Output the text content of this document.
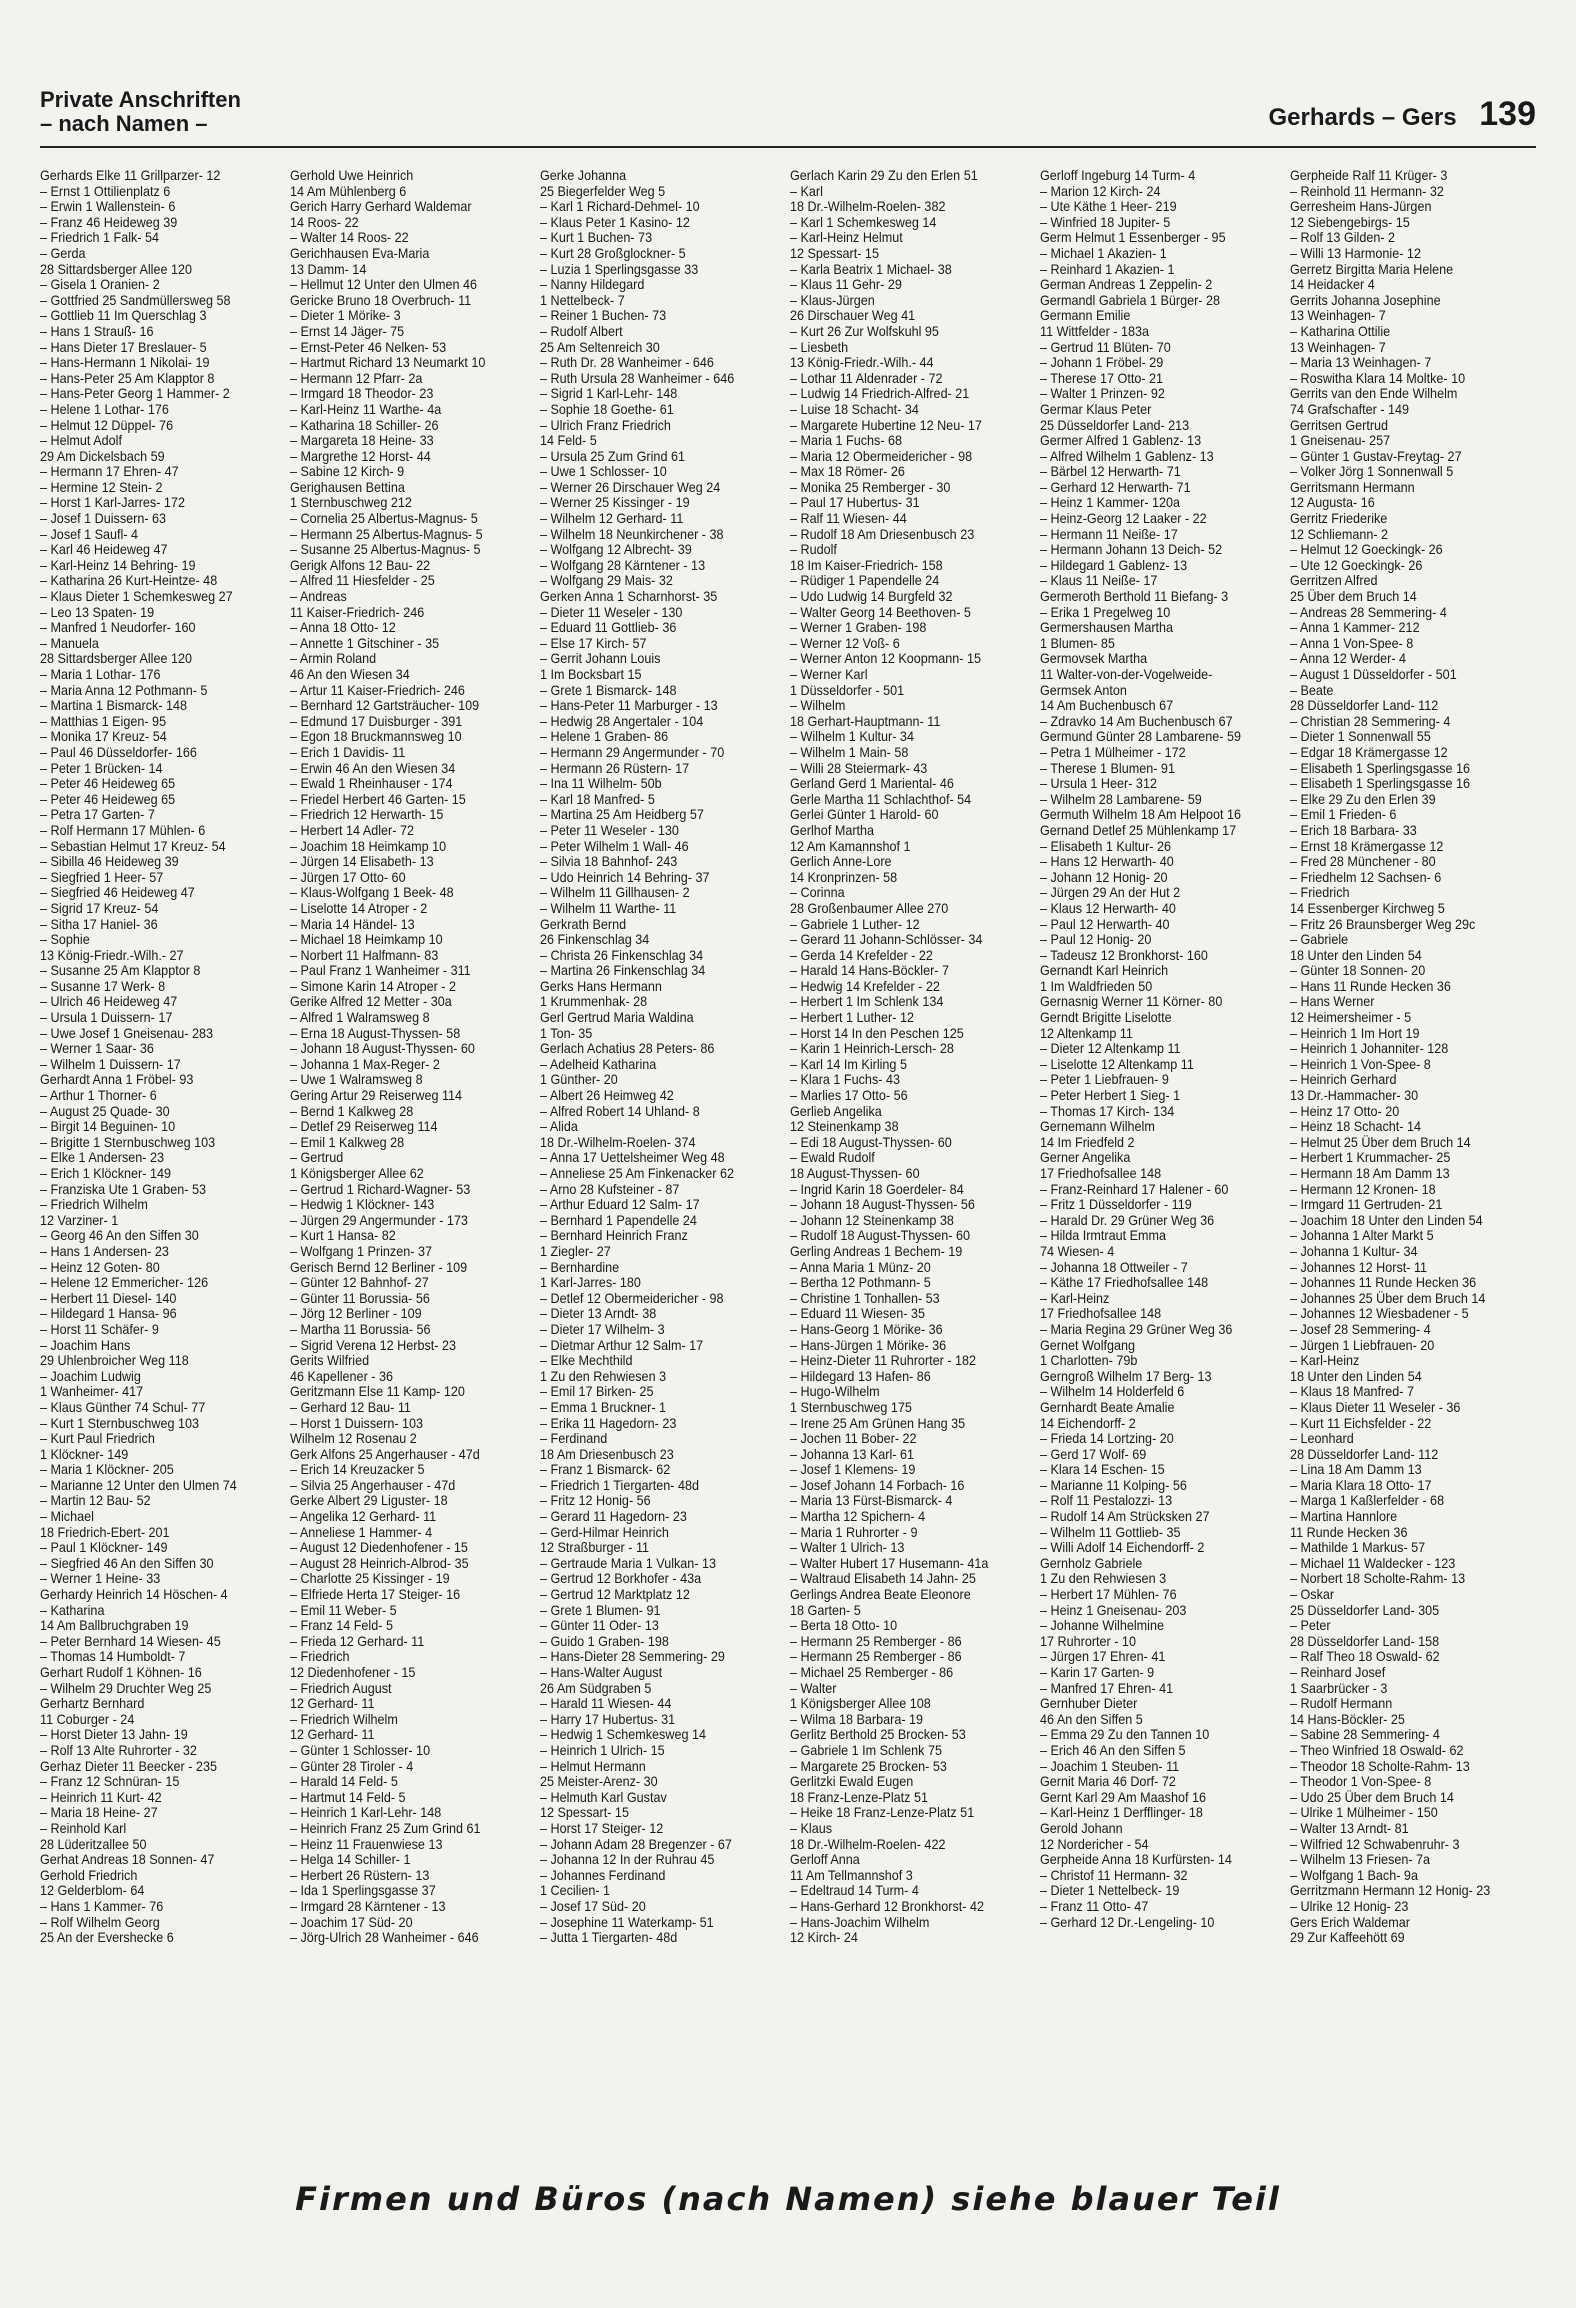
Private Anschriften
– nach Namen –	Gerhards – Gers 139
Gerhards Elke 11 Grillparzer- 12
– Ernst 1 Ottilienplatz 6
– Erwin 1 Wallenstein- 6
– Franz 46 Heideweg 39
– Friedrich 1 Falk- 54
– Gerda
28 Sittardsberger Allee 120
– Gisela 1 Oranien- 2
– Gottfried 25 Sandmüllersweg 58
– Gottlieb 11 Im Querschlag 3
– Hans 1 Strauß- 16
– Hans Dieter 17 Breslauer- 5
– Hans-Hermann 1 Nikolai- 19
– Hans-Peter 25 Am Klapptor 8
– Hans-Peter Georg 1 Hammer- 2
– Helene 1 Lothar- 176
– Helmut 12 Düppel- 76
– Helmut Adolf
29 Am Dickelsbach 59
– Hermann 17 Ehren- 47
– Hermine 12 Stein- 2
– Horst 1 Karl-Jarres- 172
– Josef 1 Duissern- 63
– Josef 1 Saufl- 4
– Karl 46 Heideweg 47
– Karl-Heinz 14 Behring- 19
– Katharina 26 Kurt-Heintze- 48
– Klaus Dieter 1 Schemkesweg 27
– Leo 13 Spaten- 19
– Manfred 1 Neudorfer- 160
– Manuela
28 Sittardsberger Allee 120
– Maria 1 Lothar- 176
– Maria Anna 12 Pothmann- 5
– Martina 1 Bismarck- 148
– Matthias 1 Eigen- 95
– Monika 17 Kreuz- 54
– Paul 46 Düsseldorfer- 166
– Peter 1 Brücken- 14
– Peter 46 Heideweg 65
– Peter 46 Heideweg 65
– Petra 17 Garten- 7
– Rolf Hermann 17 Mühlen- 6
– Sebastian Helmut 17 Kreuz- 54
– Sibilla 46 Heideweg 39
– Siegfried 1 Heer- 57
– Siegfried 46 Heideweg 47
– Sigrid 17 Kreuz- 54
– Sitha 17 Haniel- 36
– Sophie
13 König-Friedr.-Wilh.- 27
– Susanne 25 Am Klapptor 8
– Susanne 17 Werk- 8
– Ulrich 46 Heideweg 47
– Ursula 1 Duissern- 17
– Uwe Josef 1 Gneisenau- 283
– Werner 1 Saar- 36
– Wilhelm 1 Duissern- 17
Gerhardt Anna 1 Fröbel- 93
– Arthur 1 Thorner- 6
– August 25 Quade- 30
– Birgit 14 Beguinen- 10
– Brigitte 1 Sternbuschweg 103
– Elke 1 Andersen- 23
– Erich 1 Klöckner- 149
– Franziska Ute 1 Graben- 53
– Friedrich Wilhelm
12 Varziner- 1
– Georg 46 An den Siffen 30
– Hans 1 Andersen- 23
– Heinz 12 Goten- 80
– Helene 12 Emmericher- 126
– Herbert 11 Diesel- 140
– Hildegard 1 Hansa- 96
– Horst 11 Schäfer- 9
– Joachim Hans
29 Uhlenbroicher Weg 118
– Joachim Ludwig
1 Wanheimer- 417
– Klaus Günther 74 Schul- 77
– Kurt 1 Sternbuschweg 103
– Kurt Paul Friedrich
1 Klöckner- 149
– Maria 1 Klöckner- 205
– Marianne 12 Unter den Ulmen 74
– Martin 12 Bau- 52
– Michael
18 Friedrich-Ebert- 201
– Paul 1 Klöckner- 149
– Siegfried 46 An den Siffen 30
– Werner 1 Heine- 33
Gerhardy Heinrich 14 Höschen- 4
– Katharina
14 Am Ballbruchgraben 19
– Peter Bernhard 14 Wiesen- 45
– Thomas 14 Humboldt- 7
Gerhart Rudolf 1 Köhnen- 16
– Wilhelm 29 Druchter Weg 25
Gerhartz Bernhard
11 Coburger - 24
– Horst Dieter 13 Jahn- 19
– Rolf 13 Alte Ruhrorter - 32
Gerhaz Dieter 11 Beecker - 235
– Franz 12 Schnüran- 15
– Heinrich 11 Kurt- 42
– Maria 18 Heine- 27
– Reinhold Karl
28 Lüderitzallee 50
Gerhat Andreas 18 Sonnen- 47
Gerhold Friedrich
12 Gelderblom- 64
– Hans 1 Kammer- 76
– Rolf Wilhelm Georg
25 An der Evershecke 6
Gerhold Uwe Heinrich
14 Am Mühlenberg 6
Gerich Harry Gerhard Waldemar
14 Roos- 22
– Walter 14 Roos- 22
Gerichhausen Eva-Maria
13 Damm- 14
– Hellmut 12 Unter den Ulmen 46
Gericke Bruno 18 Overbruch- 11
– Dieter 1 Mörike- 3
– Ernst 14 Jäger- 75
– Ernst-Peter 46 Nelken- 53
– Hartmut Richard 13 Neumarkt 10
– Hermann 12 Pfarr- 2a
– Irmgard 18 Theodor- 23
– Karl-Heinz 11 Warthe- 4a
– Katharina 18 Schiller- 26
– Margareta 18 Heine- 33
– Margrethe 12 Horst- 44
– Sabine 12 Kirch- 9
Gerighausen Bettina
1 Sternbuschweg 212
– Cornelia 25 Albertus-Magnus- 5
– Hermann 25 Albertus-Magnus- 5
– Susanne 25 Albertus-Magnus- 5
Gerigk Alfons 12 Bau- 22
– Alfred 11 Hiesfelder - 25
– Andreas
11 Kaiser-Friedrich- 246
– Anna 18 Otto- 12
– Annette 1 Gitschiner - 35
– Armin Roland
46 An den Wiesen 34
– Artur 11 Kaiser-Friedrich- 246
– Bernhard 12 Gartsträucher- 109
– Edmund 17 Duisburger - 391
– Egon 18 Bruckmannsweg 10
– Erich 1 Davidis- 11
– Erwin 46 An den Wiesen 34
– Ewald 1 Rheinhauser - 174
– Friedel Herbert 46 Garten- 15
– Friedrich 12 Herwarth- 15
– Herbert 14 Adler- 72
– Joachim 18 Heimkamp 10
– Jürgen 14 Elisabeth- 13
– Jürgen 17 Otto- 60
– Klaus-Wolfgang 1 Beek- 48
– Liselotte 14 Atroper - 2
– Maria 14 Händel- 13
– Michael 18 Heimkamp 10
– Norbert 11 Halfmann- 83
– Paul Franz 1 Wanheimer - 311
– Simone Karin 14 Atroper - 2
Gerike Alfred 12 Metter - 30a
– Alfred 1 Walramsweg 8
– Erna 18 August-Thyssen- 58
– Johann 18 August-Thyssen- 60
– Johanna 1 Max-Reger- 2
– Uwe 1 Walramsweg 8
Gering Artur 29 Reiserweg 114
– Bernd 1 Kalkweg 28
– Detlef 29 Reiserweg 114
– Emil 1 Kalkweg 28
– Gertrud
1 Königsberger Allee 62
– Gertrud 1 Richard-Wagner- 53
– Hedwig 1 Klöckner- 143
– Jürgen 29 Angermunder - 173
– Kurt 1 Hansa- 82
– Wolfgang 1 Prinzen- 37
Gerisch Bernd 12 Berliner - 109
– Günter 12 Bahnhof- 27
– Günter 11 Borussia- 56
– Jörg 12 Berliner - 109
– Martha 11 Borussia- 56
– Sigrid Verena 12 Herbst- 23
Gerits Wilfried
46 Kapellener - 36
Geritzmann Else 11 Kamp- 120
– Gerhard 12 Bau- 11
– Horst 1 Duissern- 103
Wilhelm 12 Rosenau 2
Gerk Alfons 25 Angerhauser - 47d
– Erich 14 Kreuzacker 5
– Silvia 25 Angerhauser - 47d
Gerke Albert 29 Liguster- 18
– Angelika 12 Gerhard- 11
– Anneliese 1 Hammer- 4
– August 12 Diedenhofener - 15
– August 28 Heinrich-Albrod- 35
– Charlotte 25 Kissinger - 19
– Elfriede Herta 17 Steiger- 16
– Emil 11 Weber- 5
– Franz 14 Feld- 5
– Frieda 12 Gerhard- 11
– Friedrich
12 Diedenhofener - 15
– Friedrich August
12 Gerhard- 11
– Friedrich Wilhelm
12 Gerhard- 11
– Günter 1 Schlosser- 10
– Günter 28 Tiroler - 4
– Harald 14 Feld- 5
– Hartmut 14 Feld- 5
– Heinrich 1 Karl-Lehr- 148
– Heinrich Franz 25 Zum Grind 61
– Heinz 11 Frauenwiese 13
– Helga 14 Schiller- 1
– Herbert 26 Rüstern- 13
– Ida 1 Sperlingsgasse 37
– Irmgard 28 Kärntener - 13
– Joachim 17 Süd- 20
– Jörg-Ulrich 28 Wanheimer - 646
Gerke Johanna
25 Biegerfelder Weg 5
– Karl 1 Richard-Dehmel- 10
– Klaus Peter 1 Kasino- 12
– Kurt 1 Buchen- 73
– Kurt 28 Großglockner- 5
– Luzia 1 Sperlingsgasse 33
– Nanny Hildegard
1 Nettelbeck- 7
– Reiner 1 Buchen- 73
– Rudolf Albert
25 Am Seltenreich 30
– Ruth Dr. 28 Wanheimer - 646
– Ruth Ursula 28 Wanheimer - 646
– Sigrid 1 Karl-Lehr- 148
– Sophie 18 Goethe- 61
– Ulrich Franz Friedrich
14 Feld- 5
– Ursula 25 Zum Grind 61
– Uwe 1 Schlosser- 10
– Werner 26 Dirschauer Weg 24
– Werner 25 Kissinger - 19
– Wilhelm 12 Gerhard- 11
– Wilhelm 18 Neunkirchener - 38
– Wolfgang 12 Albrecht- 39
– Wolfgang 28 Kärntener - 13
– Wolfgang 29 Mais- 32
Gerken Anna 1 Scharnhorst- 35
– Dieter 11 Weseler - 130
– Eduard 11 Gottlieb- 36
– Else 17 Kirch- 57
– Gerrit Johann Louis
1 Im Bocksbart 15
– Grete 1 Bismarck- 148
– Hans-Peter 11 Marburger - 13
– Hedwig 28 Angertaler - 104
– Helene 1 Graben- 86
– Hermann 29 Angermunder - 70
– Hermann 26 Rüstern- 17
– Ina 11 Wilhelm- 50b
– Karl 18 Manfred- 5
– Martina 25 Am Heidberg 57
– Peter 11 Weseler - 130
– Peter Wilhelm 1 Wall- 46
– Silvia 18 Bahnhof- 243
– Udo Heinrich 14 Behring- 37
– Wilhelm 11 Gillhausen- 2
– Wilhelm 11 Warthe- 11
Gerkrath Bernd
26 Finkenschlag 34
– Christa 26 Finkenschlag 34
– Martina 26 Finkenschlag 34
Gerks Hans Hermann
1 Krummenhak- 28
Gerl Gertrud Maria Waldina
1 Ton- 35
Gerlach Achatius 28 Peters- 86
– Adelheid Katharina
1 Günther- 20
– Albert 26 Heimweg 42
– Alfred Robert 14 Uhland- 8
– Alida
18 Dr.-Wilhelm-Roelen- 374
– Anna 17 Uettelsheimer Weg 48
– Anneliese 25 Am Finkenacker 62
– Arno 28 Kufsteiner - 87
– Arthur Eduard 12 Salm- 17
– Bernhard 1 Papendelle 24
– Bernhard Heinrich Franz
1 Ziegler- 27
– Bernhardine
1 Karl-Jarres- 180
– Detlef 12 Obermeidericher - 98
– Dieter 13 Arndt- 38
– Dieter 17 Wilhelm- 3
– Dietmar Arthur 12 Salm- 17
– Elke Mechthild
1 Zu den Rehwiesen 3
– Emil 17 Birken- 25
– Emma 1 Bruckner- 1
– Erika 11 Hagedorn- 23
– Ferdinand
18 Am Driesenbusch 23
– Franz 1 Bismarck- 62
– Friedrich 1 Tiergarten- 48d
– Fritz 12 Honig- 56
– Gerard 11 Hagedorn- 23
– Gerd-Hilmar Heinrich
12 Straßburger - 11
– Gertraude Maria 1 Vulkan- 13
– Gertrud 12 Borkhofer - 43a
– Gertrud 12 Marktplatz 12
– Grete 1 Blumen- 91
– Günter 11 Oder- 13
– Guido 1 Graben- 198
– Hans-Dieter 28 Semmering- 29
– Hans-Walter August
26 Am Südgraben 5
– Harald 11 Wiesen- 44
– Harry 17 Hubertus- 31
– Hedwig 1 Schemkesweg 14
– Heinrich 1 Ulrich- 15
– Helmut Hermann
25 Meister-Arenz- 30
– Helmuth Karl Gustav
12 Spessart- 15
– Horst 17 Steiger- 12
– Johann Adam 28 Bregenzer - 67
– Johanna 12 In der Ruhrau 45
– Johannes Ferdinand
1 Cecilien- 1
– Josef 17 Süd- 20
– Josephine 11 Waterkamp- 51
– Jutta 1 Tiergarten- 48d
Gerlach Karin 29 Zu den Erlen 51
– Karl
18 Dr.-Wilhelm-Roelen- 382
– Karl 1 Schemkesweg 14
– Karl-Heinz Helmut
12 Spessart- 15
– Karla Beatrix 1 Michael- 38
– Klaus 11 Gehr- 29
– Klaus-Jürgen
26 Dirschauer Weg 41
– Kurt 26 Zur Wolfskuhl 95
– Liesbeth
13 König-Friedr.-Wilh.- 44
– Lothar 11 Aldenrader - 72
– Ludwig 14 Friedrich-Alfred- 21
– Luise 18 Schacht- 34
– Margarete Hubertine 12 Neu- 17
– Maria 1 Fuchs- 68
– Maria 12 Obermeidericher - 98
– Max 18 Römer- 26
– Monika 25 Remberger - 30
– Paul 17 Hubertus- 31
– Ralf 11 Wiesen- 44
– Rudolf 18 Am Driesenbusch 23
– Rudolf
18 Im Kaiser-Friedrich- 158
– Rüdiger 1 Papendelle 24
– Udo Ludwig 14 Burgfeld 32
– Walter Georg 14 Beethoven- 5
– Werner 1 Graben- 198
– Werner 12 Voß- 6
– Werner Anton 12 Koopmann- 15
– Werner Karl
1 Düsseldorfer - 501
– Wilhelm
18 Gerhart-Hauptmann- 11
– Wilhelm 1 Kultur- 34
– Wilhelm 1 Main- 58
– Willi 28 Steiermark- 43
Gerland Gerd 1 Mariental- 46
Gerle Martha 11 Schlachthof- 54
Gerlei Günter 1 Harold- 60
Gerlhof Martha
12 Am Kamannshof 1
Gerlich Anne-Lore
14 Kronprinzen- 58
– Corinna
28 Großenbaumer Allee 270
– Gabriele 1 Luther- 12
– Gerard 11 Johann-Schlösser- 34
– Gerda 14 Krefelder - 22
– Harald 14 Hans-Böckler- 7
– Hedwig 14 Krefelder - 22
– Herbert 1 Im Schlenk 134
– Herbert 1 Luther- 12
– Horst 14 In den Peschen 125
– Karin 1 Heinrich-Lersch- 28
– Karl 14 Im Kirling 5
– Klara 1 Fuchs- 43
– Marlies 17 Otto- 56
Gerlieb Angelika
12 Steinenkamp 38
– Edi 18 August-Thyssen- 60
– Ewald Rudolf
18 August-Thyssen- 60
– Ingrid Karin 18 Goerdeler- 84
– Johann 18 August-Thyssen- 56
– Johann 12 Steinenkamp 38
– Rudolf 18 August-Thyssen- 60
Gerling Andreas 1 Bechem- 19
– Anna Maria 1 Münz- 20
– Bertha 12 Pothmann- 5
– Christine 1 Tonhallen- 53
– Eduard 11 Wiesen- 35
– Hans-Georg 1 Mörike- 36
– Hans-Jürgen 1 Mörike- 36
– Heinz-Dieter 11 Ruhrorter - 182
– Hildegard 13 Hafen- 86
– Hugo-Wilhelm
1 Sternbuschweg 175
– Irene 25 Am Grünen Hang 35
– Jochen 11 Bober- 22
– Johanna 13 Karl- 61
– Josef 1 Klemens- 19
– Josef Johann 14 Forbach- 16
– Maria 13 Fürst-Bismarck- 4
– Martha 12 Spichern- 4
– Maria 1 Ruhrorter - 9
– Walter 1 Ulrich- 13
– Walter Hubert 17 Husemann- 41a
– Waltraud Elisabeth 14 Jahn- 25
Gerlings Andrea Beate Eleonore
18 Garten- 5
– Berta 18 Otto- 10
– Hermann 25 Remberger - 86
– Hermann 25 Remberger - 86
– Michael 25 Remberger - 86
– Walter
1 Königsberger Allee 108
– Wilma 18 Barbara- 19
Gerlitz Berthold 25 Brocken- 53
– Gabriele 1 Im Schlenk 75
– Margarete 25 Brocken- 53
Gerlitzki Ewald Eugen
18 Franz-Lenze-Platz 51
– Heike 18 Franz-Lenze-Platz 51
– Klaus
18 Dr.-Wilhelm-Roelen- 422
Gerloff Anna
11 Am Tellmannshof 3
– Edeltraud 14 Turm- 4
– Hans-Gerhard 12 Bronkhorst- 42
– Hans-Joachim Wilhelm
12 Kirch- 24
Gerloff Ingeburg 14 Turm- 4
– Marion 12 Kirch- 24
– Ute Käthe 1 Heer- 219
– Winfried 18 Jupiter- 5
Germ Helmut 1 Essenberger - 95
– Michael 1 Akazien- 1
– Reinhard 1 Akazien- 1
German Andreas 1 Zeppelin- 2
Germandl Gabriela 1 Bürger- 28
Germann Emilie
11 Wittfelder - 183a
– Gertrud 11 Blüten- 70
– Johann 1 Fröbel- 29
– Therese 17 Otto- 21
– Walter 1 Prinzen- 92
Germar Klaus Peter
25 Düsseldorfer Land- 213
Germer Alfred 1 Gablenz- 13
– Alfred Wilhelm 1 Gablenz- 13
– Bärbel 12 Herwarth- 71
– Gerhard 12 Herwarth- 71
– Heinz 1 Kammer- 120a
– Heinz-Georg 12 Laaker - 22
– Hermann 11 Neiße- 17
– Hermann Johann 13 Deich- 52
– Hildegard 1 Gablenz- 13
– Klaus 11 Neiße- 17
Germeroth Berthold 11 Biefang- 3
– Erika 1 Pregelweg 10
Germershausen Martha
1 Blumen- 85
Germovsek Martha
11 Walter-von-der-Vogelweide-
Germsek Anton
14 Am Buchenbusch 67
– Zdravko 14 Am Buchenbusch 67
Germund Günter 28 Lambarene- 59
– Petra 1 Mülheimer - 172
– Therese 1 Blumen- 91
– Ursula 1 Heer- 312
– Wilhelm 28 Lambarene- 59
Germuth Wilhelm 18 Am Helpoot 16
Gernand Detlef 25 Mühlenkamp 17
– Elisabeth 1 Kultur- 26
– Hans 12 Herwarth- 40
– Johann 12 Honig- 20
– Jürgen 29 An der Hut 2
– Klaus 12 Herwarth- 40
– Paul 12 Herwarth- 40
– Paul 12 Honig- 20
– Tadeusz 12 Bronkhorst- 160
Gernandt Karl Heinrich
1 Im Waldfrieden 50
Gernasnig Werner 11 Körner- 80
Gerndt Brigitte Liselotte
12 Altenkamp 11
– Dieter 12 Altenkamp 11
– Liselotte 12 Altenkamp 11
– Peter 1 Liebfrauen- 9
– Peter Herbert 1 Sieg- 1
– Thomas 17 Kirch- 134
Gernemann Wilhelm
14 Im Friedfeld 2
Gerner Angelika
17 Friedhofsallee 148
– Franz-Reinhard 17 Halener - 60
– Fritz 1 Düsseldorfer - 119
– Harald Dr. 29 Grüner Weg 36
– Hilda Irmtraut Emma
74 Wiesen- 4
– Johanna 18 Ottweiler - 7
– Käthe 17 Friedhofsallee 148
– Karl-Heinz
17 Friedhofsallee 148
– Maria Regina 29 Grüner Weg 36
Gernet Wolfgang
1 Charlotten- 79b
Gerngroß Wilhelm 17 Berg- 13
– Wilhelm 14 Holderfeld 6
Gernhardt Beate Amalie
14 Eichendorff- 2
– Frieda 14 Lortzing- 20
– Gerd 17 Wolf- 69
– Klara 14 Eschen- 15
– Marianne 11 Kolping- 56
– Rolf 11 Pestalozzi- 13
– Rudolf 14 Am Strücksken 27
– Wilhelm 11 Gottlieb- 35
– Willi Adolf 14 Eichendorff- 2
Gernholz Gabriele
1 Zu den Rehwiesen 3
– Herbert 17 Mühlen- 76
– Heinz 1 Gneisenau- 203
– Johanne Wilhelmine
17 Ruhrorter - 10
– Jürgen 17 Ehren- 41
– Karin 17 Garten- 9
– Manfred 17 Ehren- 41
Gernhuber Dieter
46 An den Siffen 5
– Emma 29 Zu den Tannen 10
– Erich 46 An den Siffen 5
– Joachim 1 Steuben- 11
Gernit Maria 46 Dorf- 72
Gernt Karl 29 Am Maashof 16
– Karl-Heinz 1 Derfflinger- 18
Gerold Johann
12 Nordericher - 54
Gerpheide Anna 18 Kurfürsten- 14
– Christof 11 Hermann- 32
– Dieter 1 Nettelbeck- 19
– Franz 11 Otto- 47
– Gerhard 12 Dr.-Lengeling- 10
Gerpheide Ralf 11 Krüger- 3
– Reinhold 11 Hermann- 32
Gerresheim Hans-Jürgen
12 Siebengebirgs- 15
– Rolf 13 Gilden- 2
– Willi 13 Harmonie- 12
Gerretz Birgitta Maria Helene
14 Heidacker 4
Gerrits Johanna Josephine
13 Weinhagen- 7
– Katharina Ottilie
13 Weinhagen- 7
– Maria 13 Weinhagen- 7
– Roswitha Klara 14 Moltke- 10
Gerrits van den Ende Wilhelm
74 Grafschafter - 149
Gerritsen Gertrud
1 Gneisenau- 257
– Günter 1 Gustav-Freytag- 27
– Volker Jörg 1 Sonnenwall 5
Gerritsmann Hermann
12 Augusta- 16
Gerritz Friederike
12 Schliemann- 2
– Helmut 12 Goeckingk- 26
– Ute 12 Goeckingk- 26
Gerritzen Alfred
25 Über dem Bruch 14
– Andreas 28 Semmering- 4
– Anna 1 Kammer- 212
– Anna 1 Von-Spee- 8
– Anna 12 Werder- 4
– August 1 Düsseldorfer - 501
– Beate
28 Düsseldorfer Land- 112
– Christian 28 Semmering- 4
– Dieter 1 Sonnenwall 55
– Edgar 18 Krämergasse 12
– Elisabeth 1 Sperlingsgasse 16
– Elisabeth 1 Sperlingsgasse 16
– Elke 29 Zu den Erlen 39
– Emil 1 Frieden- 6
– Erich 18 Barbara- 33
– Ernst 18 Krämergasse 12
– Fred 28 Münchener - 80
– Friedhelm 12 Sachsen- 6
– Friedrich
14 Essenberger Kirchweg 5
– Fritz 26 Braunsberger Weg 29c
– Gabriele
18 Unter den Linden 54
– Günter 18 Sonnen- 20
– Hans 11 Runde Hecken 36
– Hans Werner
12 Heimersheimer - 5
– Heinrich 1 Im Hort 19
– Heinrich 1 Johanniter- 128
– Heinrich 1 Von-Spee- 8
– Heinrich Gerhard
13 Dr.-Hammacher- 30
– Heinz 17 Otto- 20
– Heinz 18 Schacht- 14
– Helmut 25 Über dem Bruch 14
– Herbert 1 Krummacher- 25
– Hermann 18 Am Damm 13
– Hermann 12 Kronen- 18
– Irmgard 11 Gertruden- 21
– Joachim 18 Unter den Linden 54
– Johanna 1 Alter Markt 5
– Johanna 1 Kultur- 34
– Johannes 12 Horst- 11
– Johannes 11 Runde Hecken 36
– Johannes 25 Über dem Bruch 14
– Johannes 12 Wiesbadener - 5
– Josef 28 Semmering- 4
– Jürgen 1 Liebfrauen- 20
– Karl-Heinz
18 Unter den Linden 54
– Klaus 18 Manfred- 7
– Klaus Dieter 11 Weseler - 36
– Kurt 11 Eichsfelder - 22
– Leonhard
28 Düsseldorfer Land- 112
– Lina 18 Am Damm 13
– Maria Klara 18 Otto- 17
– Marga 1 Kaßlerfelder - 68
– Martina Hannlore
11 Runde Hecken 36
– Mathilde 1 Markus- 57
– Michael 11 Waldecker - 123
– Norbert 18 Scholte-Rahm- 13
– Oskar
25 Düsseldorfer Land- 305
– Peter
28 Düsseldorfer Land- 158
– Ralf Theo 18 Oswald- 62
– Reinhard Josef
1 Saarbrücker - 3
– Rudolf Hermann
14 Hans-Böckler- 25
– Sabine 28 Semmering- 4
– Theo Winfried 18 Oswald- 62
– Theodor 18 Scholte-Rahm- 13
– Theodor 1 Von-Spee- 8
– Udo 25 Über dem Bruch 14
– Ulrike 1 Mülheimer - 150
– Walter 13 Arndt- 81
– Wilfried 12 Schwabenruhr- 3
– Wilhelm 13 Friesen- 7a
– Wolfgang 1 Bach- 9a
Gerritzmann Hermann 12 Honig- 23
– Ulrike 12 Honig- 23
Gers Erich Waldemar
29 Zur Kaffeehött 69
Firmen und Büros (nach Namen) siehe blauer Teil
